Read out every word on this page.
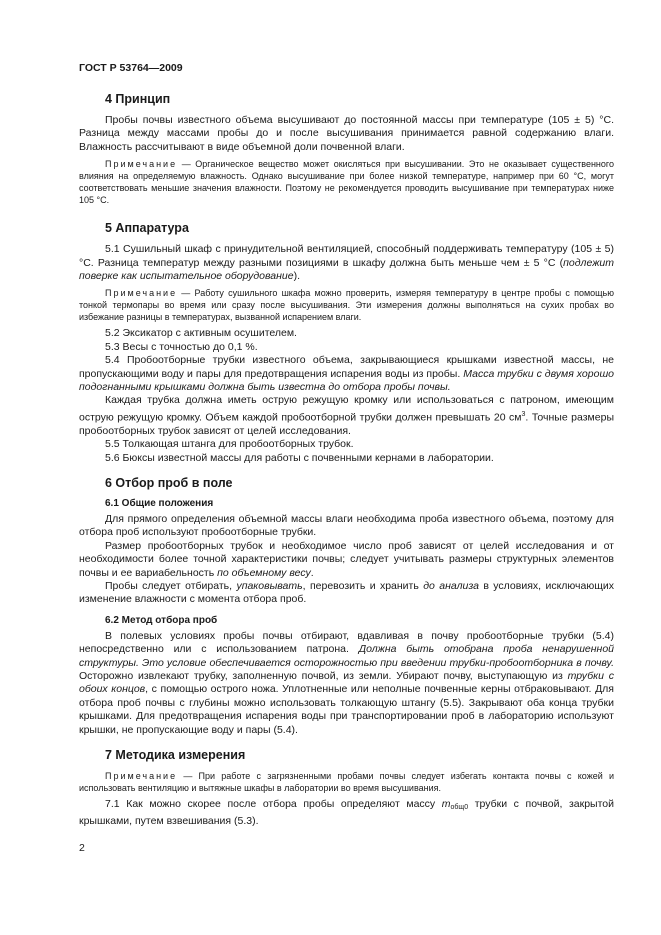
ГОСТ Р 53764—2009
4 Принцип

Пробы почвы известного объема высушивают до постоянной массы при температуре (105 ± 5) °С. Разница между массами пробы до и после высушивания принимается равной содержанию влаги. Влажность рассчитывают в виде объемной доли почвенной влаги.

Примечание — Органическое вещество может окисляться при высушивании. Это не оказывает существенного влияния на определяемую влажность. Однако высушивание при более низкой температуре, например при 60 °С, могут соответствовать меньшие значения влажности. Поэтому не рекомендуется проводить высушивание при температурах ниже 105 °С.

5 Аппаратура

5.1 Сушильный шкаф с принудительной вентиляцией, способный поддерживать температуру (105 ± 5) °С. Разница температур между разными позициями в шкафу должна быть меньше чем ± 5 °С (подлежит поверке как испытательное оборудование).

Примечание — Работу сушильного шкафа можно проверить, измеряя температуру в центре пробы с помощью тонкой термопары во время или сразу после высушивания. Эти измерения должны выполняться на сухих пробах во избежание разницы в температурах, вызванной испарением влаги.

5.2 Эксикатор с активным осушителем.

5.3 Весы с точностью до 0,1 %.

5.4 Пробоотборные трубки известного объема, закрывающиеся крышками известной массы, не пропускающими воду и пары для предотвращения испарения воды из пробы. Масса трубки с двумя хорошо подогнанными крышками должна быть известна до отбора пробы почвы.

Каждая трубка должна иметь острую режущую кромку или использоваться с патроном, имеющим острую режущую кромку. Объем каждой пробоотборной трубки должен превышать 20 $см^3$. Точные размеры пробоотборных трубок зависят от целей исследования.

5.5 Толкающая штанга для пробоотборных трубок.

5.6 Бюксы известной массы для работы с почвенными кернами в лаборатории.

6 Отбор проб в поле
6.1 Общие положения

Для прямого определения объемной массы влаги необходима проба известного объема, поэтому для отбора проб используют пробоотборные трубки.

Размер пробоотборных трубок и необходимое число проб зависят от целей исследования и от необходимости более точной характеристики почвы; следует учитывать размеры структурных элементов почвы и ее вариабельность по объемному весу.

Пробы следует отбирать, упаковывать, перевозить и хранить до анализа в условиях, исключающих изменение влажности с момента отбора проб.

6.2 Метод отбора проб

В полевых условиях пробы почвы отбирают, вдавливая в почву пробоотборные трубки (5.4) непосредственно или с использованием патрона. Должна быть отобрана проба ненарушенной структуры. Это условие обеспечивается осторожностью при введении трубки-пробоотборника в почву. Осторожно извлекают трубку, заполненную почвой, из земли. Убирают почву, выступающую из трубки с обоих концов, с помощью острого ножа. Уплотненные или неполные почвенные керны отбраковывают. Для отбора проб почвы с глубины можно использовать толкающую штангу (5.5). Закрывают оба конца трубки крышками. Для предотвращения испарения воды при транспортировании проб в лабораторию используют крышки, не пропускающие воду и пары (5.4).

7 Методика измерения

Примечание — При работе с загрязненными пробами почвы следует избегать контакта почвы с кожей и использовать вентиляцию и вытяжные шкафы в лаборатории во время высушивания.

7.1 Как можно скорее после отбора пробы определяют массу $m_{общ0}$ трубки с почвой, закрытой крышками, путем взвешивания (5.3).

2
